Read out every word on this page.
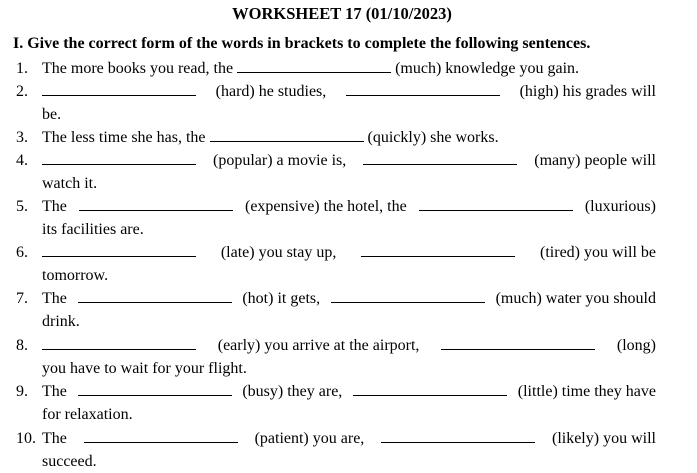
WORKSHEET 17 (01/10/2023)
I. Give the correct form of the words in brackets to complete the following sentences.
1. The more books you read, the	(much) knowledge you gain.
2.	(hard) he studies,	(high) his grades will
be.
3. The less time she has, the	(quickly) she works.
4.	(popular) a movie is,	(many) people will
watch it.
5. The	(expensive) the hotel, the	(luxurious)
its facilities are.
6.	(late) you stay up,	(tired) you will be
tomorrow.
7. The	(hot) it gets,	(much) water you should
drink.
8.	(early) you arrive at the airport,	(long)
you have to wait for your flight.
9. The	(busy) they are,	(little) time they have
for relaxation.
10. The	(patient) you are,	(likely) you will
succeed.
